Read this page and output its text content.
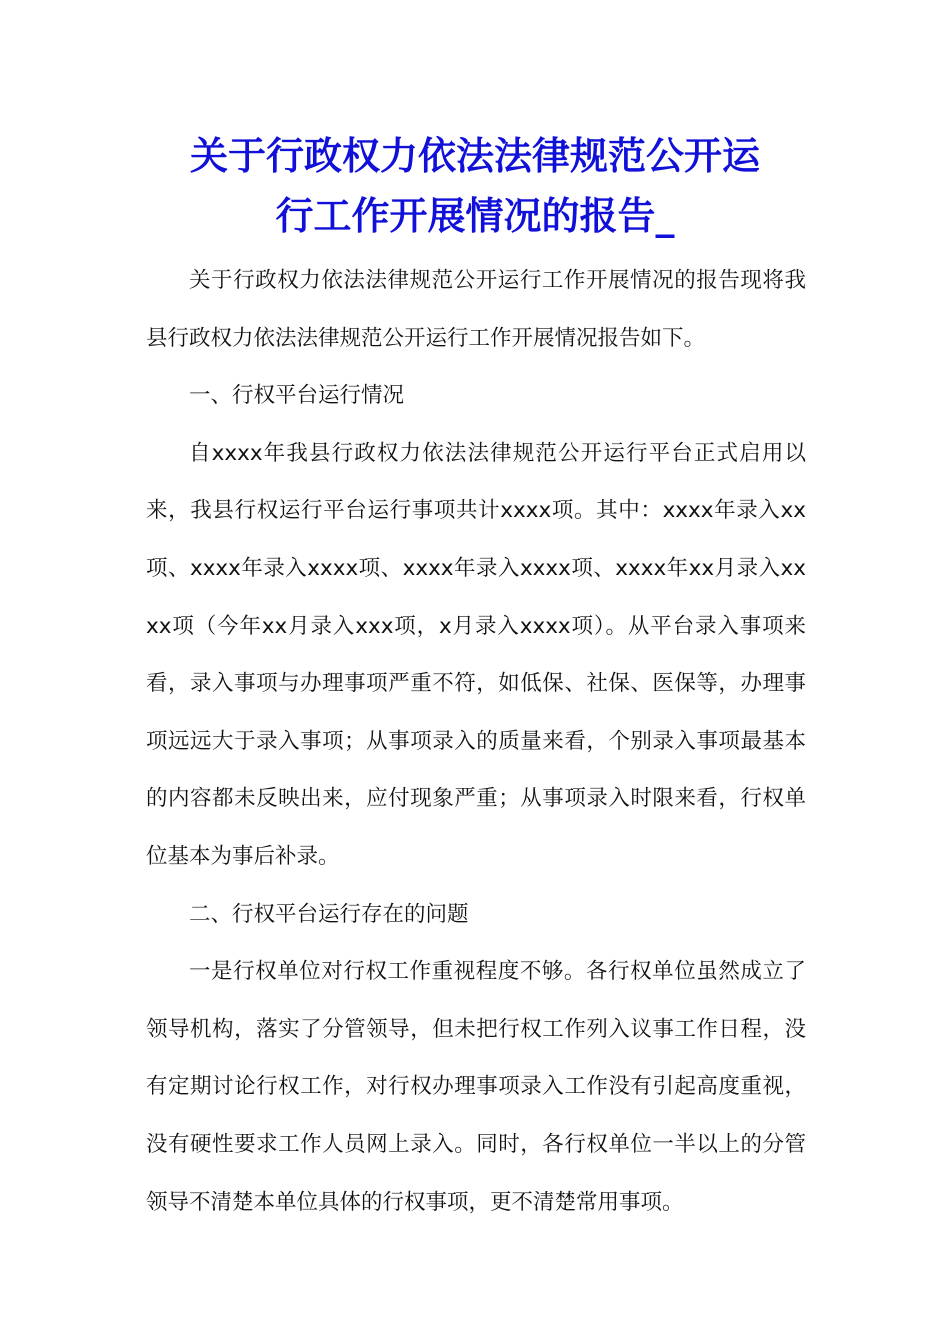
关于行政权力依法法律规范公开运
行工作开展情况的报告_

关于行政权力依法法律规范公开运行工作开展情况的报告现将我县行政权力依法法律规范公开运行工作开展情况报告如下。

一、行权平台运行情况

自xxxx年我县行政权力依法法律规范公开运行平台正式启用以来，我县行权运行平台运行事项共计xxxx项。其中：xxxx年录入xx项、xxxx年录入xxxx项、xxxx年录入xxxx项、xxxx年xx月录入xxxx项（今年xx月录入xxx项，x月录入xxxx项）。从平台录入事项来看，录入事项与办理事项严重不符，如低保、社保、医保等，办理事项远远大于录入事项；从事项录入的质量来看，个别录入事项最基本的内容都未反映出来，应付现象严重；从事项录入时限来看，行权单位基本为事后补录。

二、行权平台运行存在的问题

一是行权单位对行权工作重视程度不够。各行权单位虽然成立了领导机构，落实了分管领导，但未把行权工作列入议事工作日程，没有定期讨论行权工作，对行权办理事项录入工作没有引起高度重视，没有硬性要求工作人员网上录入。同时，各行权单位一半以上的分管领导不清楚本单位具体的行权事项，更不清楚常用事项。
